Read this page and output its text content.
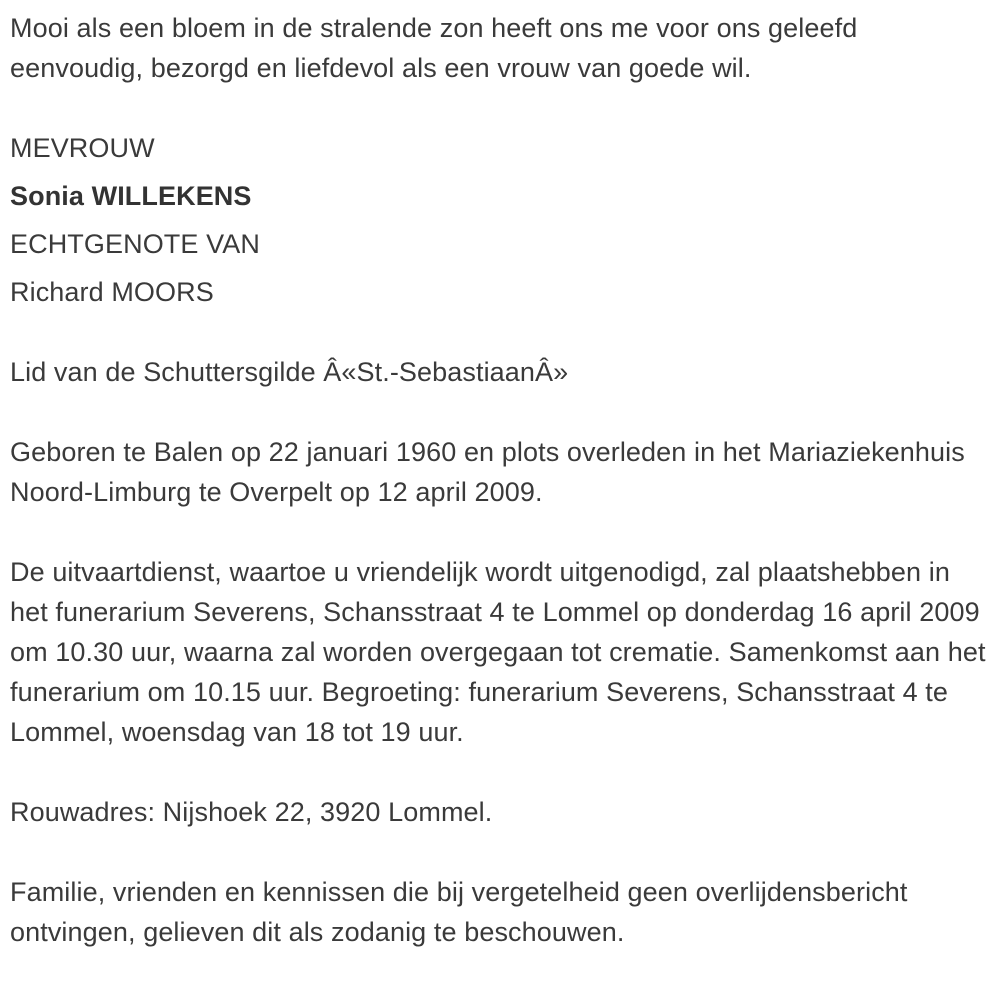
Mooi als een bloem in de stralende zon heeft ons me voor ons geleefd eenvoudig, bezorgd en liefdevol als een vrouw van goede wil.

MEVROUW

Sonia WILLEKENS

ECHTGENOTE VAN

Richard MOORS

Lid van de Schuttersgilde Â«St.-SebastiaanÂ»

Geboren te Balen op 22 januari 1960 en plots overleden in het Mariaziekenhuis Noord-Limburg te Overpelt op 12 april 2009.

De uitvaartdienst, waartoe u vriendelijk wordt uitgenodigd, zal plaatshebben in het funerarium Severens, Schansstraat 4 te Lommel op donderdag 16 april 2009 om 10.30 uur, waarna zal worden overgegaan tot crematie. Samenkomst aan het funerarium om 10.15 uur. Begroeting: funerarium Severens, Schansstraat 4 te Lommel, woensdag van 18 tot 19 uur.

Rouwadres: Nijshoek 22, 3920 Lommel.

Familie, vrienden en kennissen die bij vergetelheid geen overlijdensbericht ontvingen, gelieven dit als zodanig te beschouwen.
